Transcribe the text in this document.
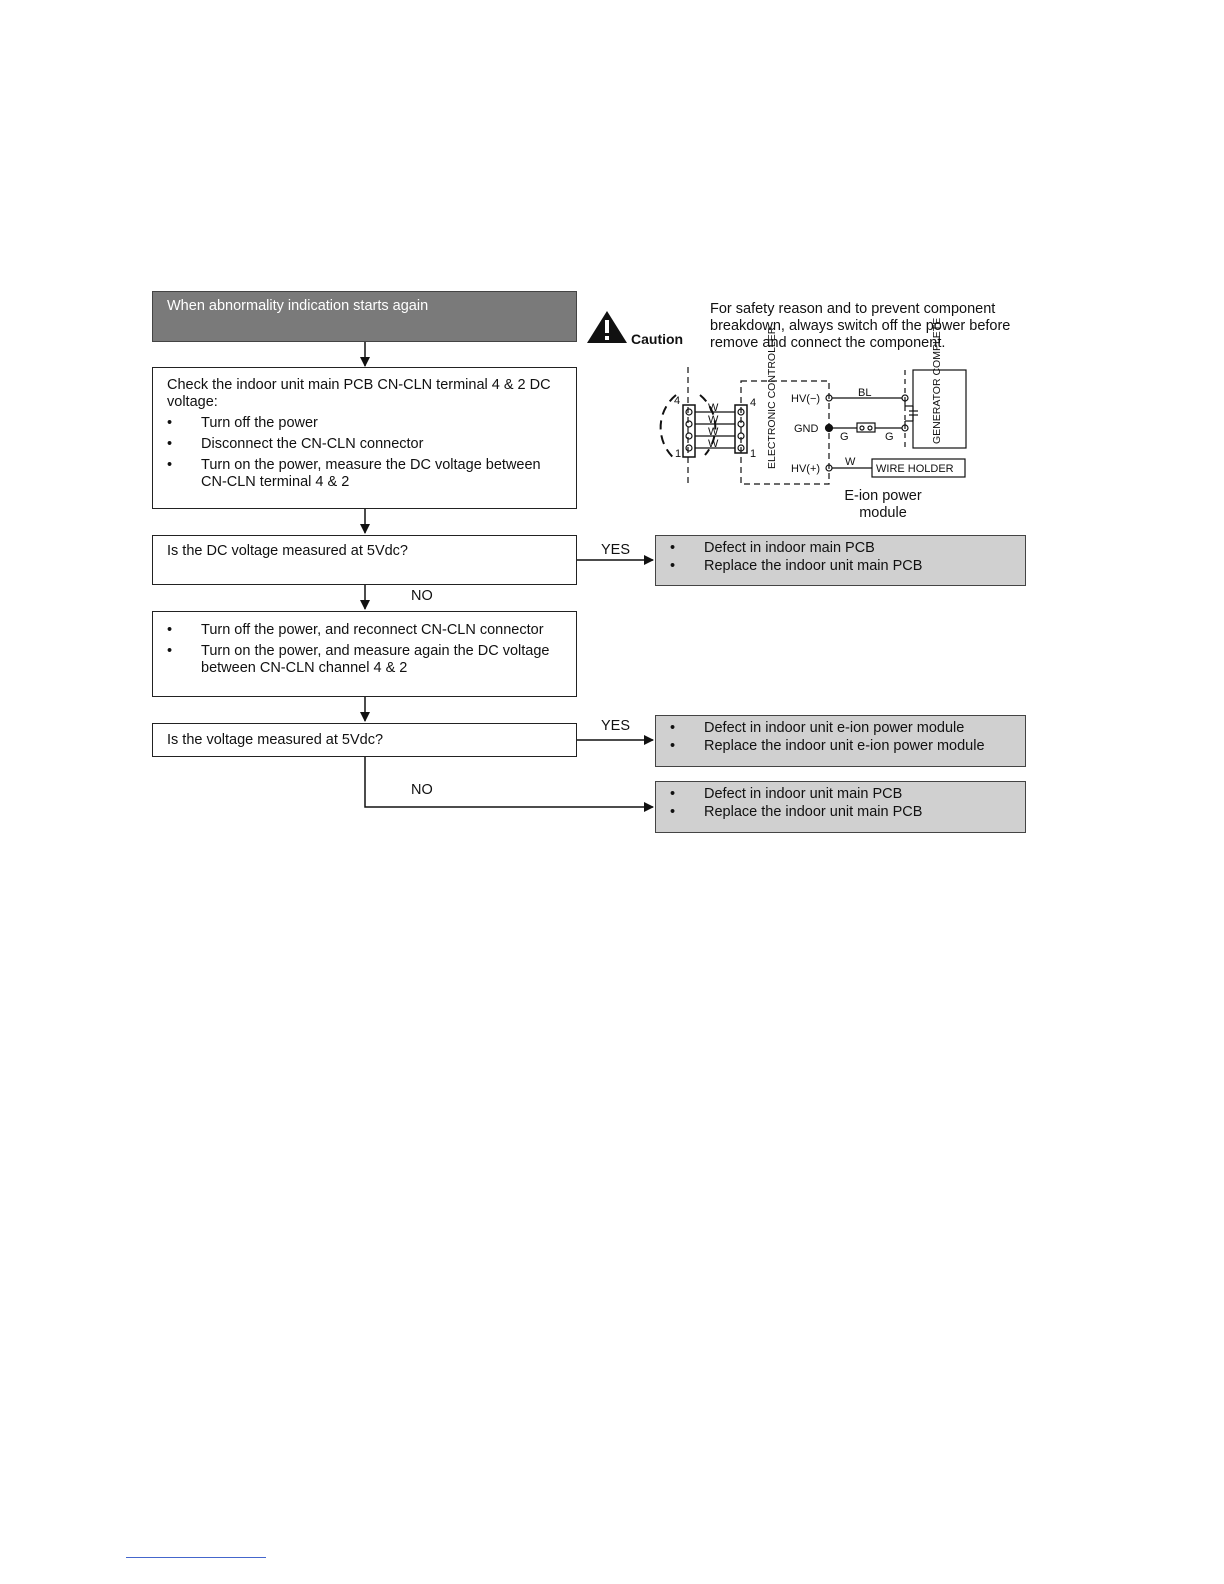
4
1
W
W
W
W
4
1 ELECTRONIC CONTROLLER HV(−)
GND
HV(+)
BL
G	G
W
GENERATOR COMPLETE
WIRE HOLDER
When abnormality indication starts again
Check the indoor unit main PCB CN-CLN terminal 4 & 2 DC voltage:
• Turn off the power
• Disconnect the CN-CLN connector
• Turn on the power, measure the DC voltage between CN-CLN terminal 4 & 2
Is the DC voltage measured at 5Vdc?	YES	• Defect in indoor main PCB
• Replace the indoor unit main PCB
NO
• Turn off the power, and reconnect CN-CLN connector
• Turn on the power, and measure again the DC voltage between CN-CLN channel 4 & 2
Is the voltage measured at 5Vdc?
YES	• Defect in indoor unit e-ion power module
• Replace the indoor unit e-ion power module
NO	• Defect in indoor unit main PCB
• Replace the indoor unit main PCB
Caution
For safety reason and to prevent component breakdown, always switch off the power before remove and connect the component.
E-ion power
module
